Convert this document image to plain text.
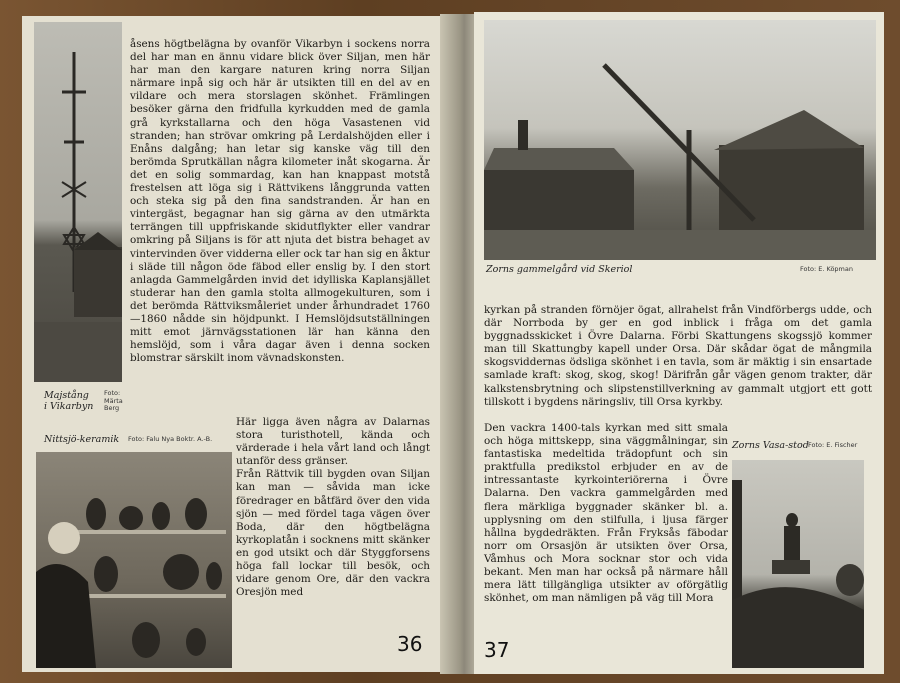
Majstång
i Vikarbyn
Foto:
Märta
Berg
åsens högtbelägna by ovanför Vikarbyn i sockens norra del har man en ännu vidare blick över Siljan, men här har man den kargare naturen kring norra Siljan närmare inpå sig och här är utsikten till en del av en vildare och mera storslagen skönhet. Främlingen besöker gärna den fridfulla kyrkudden med de gamla grå kyrkstallarna och den höga Vasastenen vid stranden; han strövar omkring på Lerdalshöjden eller i Enåns dalgång; han letar sig kanske väg till den berömda Sprutkällan några kilometer inåt skogarna. Är det en solig sommardag, kan han knappast motstå frestelsen att löga sig i Rättvikens långgrunda vatten och steka sig på den fina sandstranden. Är han en vintergäst, begagnar han sig gärna av den utmärkta terrängen till uppfriskande skidutflykter eller vandrar omkring på Siljans is för att njuta det bistra behaget av vintervinden över vidderna eller ock tar han sig en åktur i släde till någon öde fäbod eller enslig by. I den stort anlagda Gammelgården invid det idylliska Kaplansjället studerar han den gamla stolta allmogekulturen, som i det berömda Rättviksmåleriet under århundradet 1760—1860 nådde sin höjdpunkt. I Hemslöjdsutställningen mitt emot järnvägsstationen lär han känna den hemslöjd, som i våra dagar även i denna socken blomstrar särskilt inom vävnadskonsten.
Nittsjö-keramik	Foto: Falu Nya Boktr. A.-B.
Här ligga även några av Dalarnas stora turisthotell, kända och värderade i hela vårt land och långt utanför dess gränser.
Från Rättvik till bygden ovan Siljan kan man — såvida man icke föredrager en båtfärd över den vida sjön — med fördel taga vägen över Boda, där den högtbelägna kyrkoplatån i socknens mitt skänker en god utsikt och där Styggforsens höga fall lockar till besök, och vidare genom Ore, där den vackra Oresjön med
36
Zorns gammelgård vid Skeriol	Foto: E. Köpman
kyrkan på stranden förnöjer ögat, allrahelst från Vindförbergs udde, och där Norrboda by ger en god inblick i fråga om det gamla byggnadsskicket i Övre Dalarna. Förbi Skattungens skogssjö kommer man till Skattungby kapell under Orsa. Där skådar ögat de mångmila skogsviddernas ödsliga skönhet i en tavla, som är mäktig i sin ensartade samlade kraft: skog, skog, skog! Därifrån går vägen genom trakter, där kalkstensbrytning och slipstenstillverkning av gammalt utgjort ett gott tillskott i bygdens näringsliv, till Orsa kyrkby.
Den vackra 1400-tals kyrkan med sitt smala och höga mittskepp, sina väggmålningar, sin fantastiska medeltida trädopfunt och sin praktfulla predikstol erbjuder en av de intressantaste kyrkointeriörerna i Övre Dalarna. Den vackra gammelgården med flera märkliga byggnader skänker bl. a. upplysning om den stilfulla, i ljusa färger hållna bygdedräkten. Från Fryksås fäbodar norr om Orsasjön är utsikten över Orsa, Våmhus och Mora socknar stor och vida bekant. Men man har också på närmare håll mera lätt tillgängliga utsikter av oförgätlig skönhet, om man nämligen på väg till Mora
Zorns Vasa-stod Foto: E. Fischer
37
